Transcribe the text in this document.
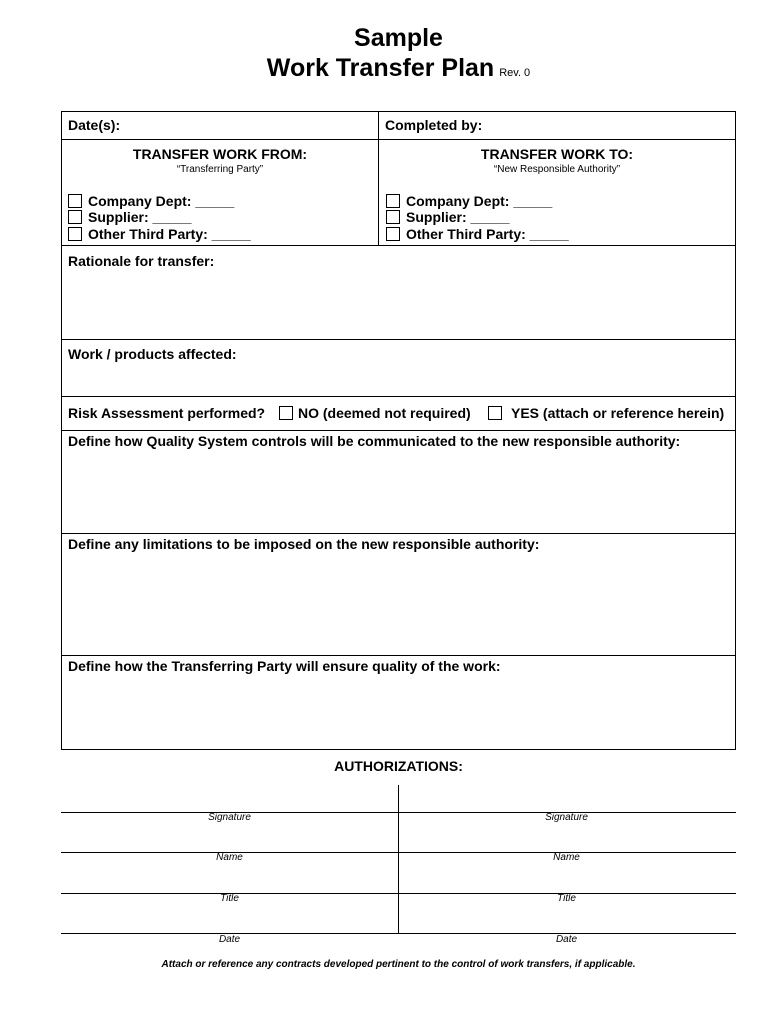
Sample
Work Transfer Plan Rev. 0
Date(s):	Completed by:
TRANSFER WORK FROM:
“Transferring Party”
Company Dept: _____
Supplier: _____
Other Third Party: _____
TRANSFER WORK TO:
“New Responsible Authority”
Company Dept: _____
Supplier: _____
Other Third Party: _____
Rationale for transfer:
Work / products affected:
Risk Assessment performed? NO (deemed not required)	YES (attach or reference herein)
Define how Quality System controls will be communicated to the new responsible authority:
Define any limitations to be imposed on the new responsible authority:
Define how the Transferring Party will ensure quality of the work:
AUTHORIZATIONS:
Signature
Name
Title
Date
Signature
Name
Title
Date
Attach or reference any contracts developed pertinent to the control of work transfers, if applicable.
